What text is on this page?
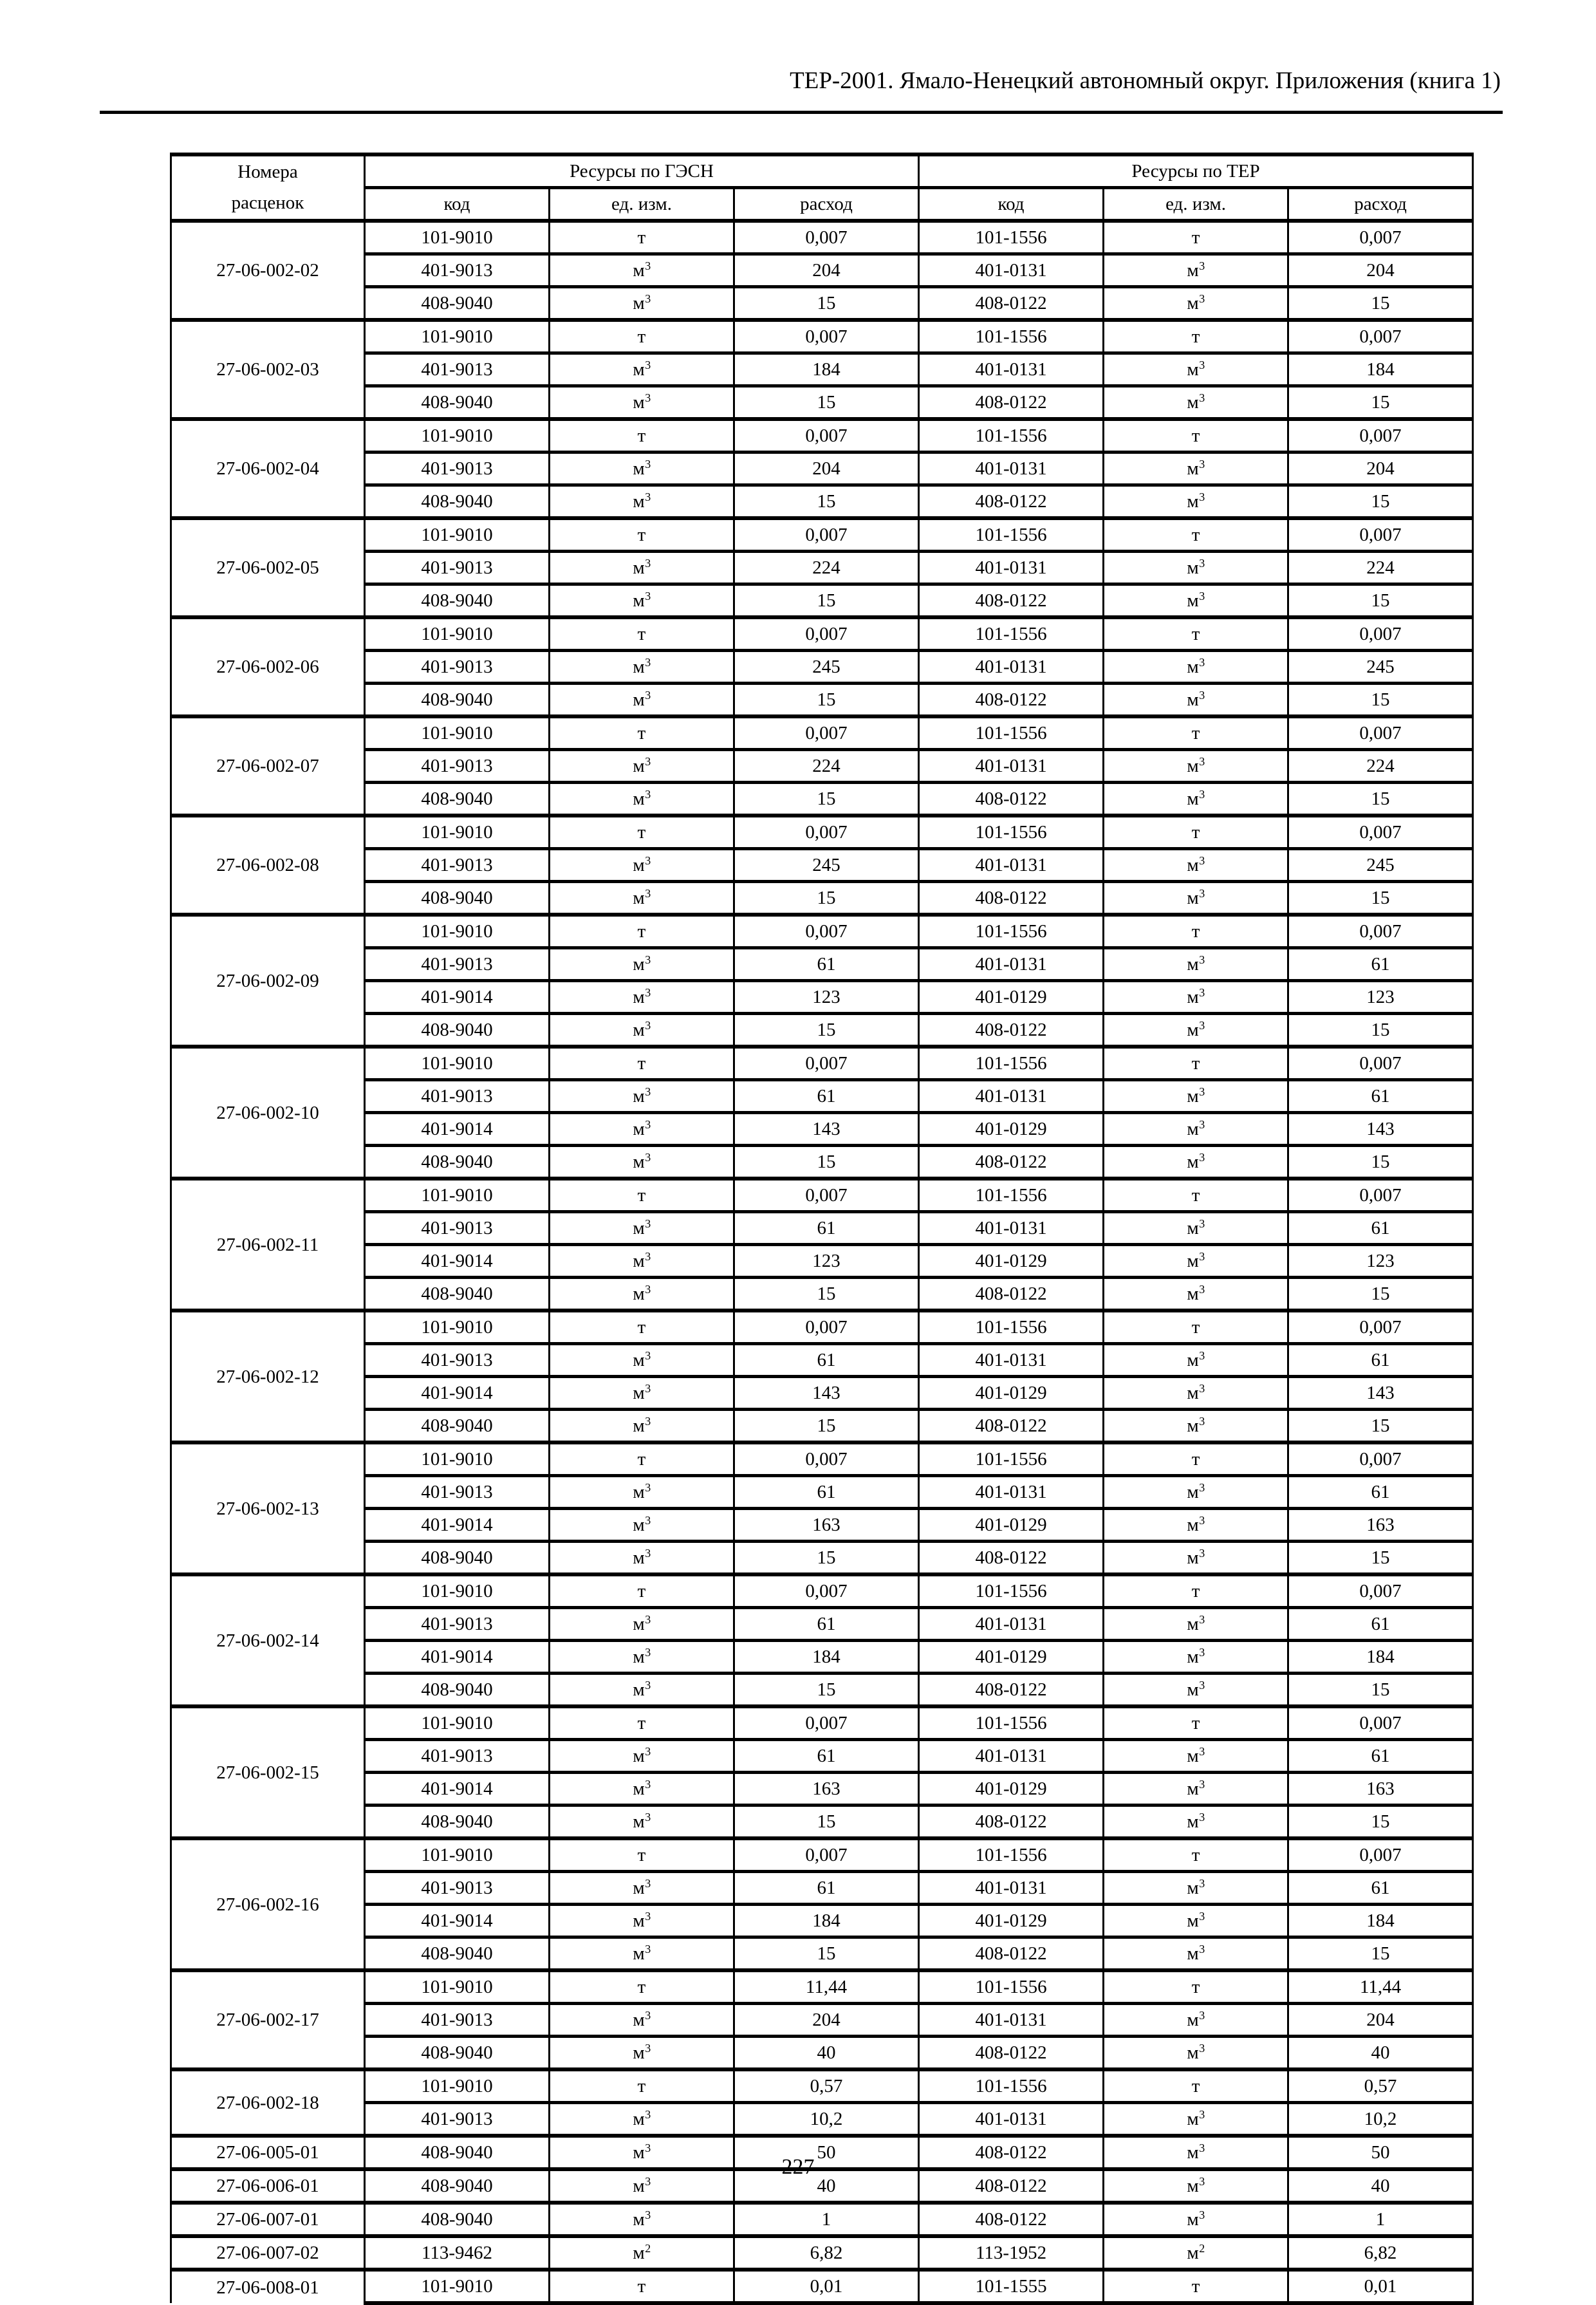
ТЕР-2001. Ямало-Ненецкий автономный округ. Приложения (книга 1)
Номера
расценок	Ресурсы по ГЭСН			Ресурсы по ТЕР		
	код	ед. изм.	расход	код	ед. изм.	расход
27-06-002-02	101-9010	т	0,007	101-1556	т	0,007
	401-9013	$м^3$	204	401-0131	$м^3$	204
	408-9040	$м^3$	15	408-0122	$м^3$	15
27-06-002-03	101-9010	т	0,007	101-1556	т	0,007
	401-9013	$м^3$	184	401-0131	$м^3$	184
	408-9040	$м^3$	15	408-0122	$м^3$	15
27-06-002-04	101-9010	т	0,007	101-1556	т	0,007
	401-9013	$м^3$	204	401-0131	$м^3$	204
	408-9040	$м^3$	15	408-0122	$м^3$	15
27-06-002-05	101-9010	т	0,007	101-1556	т	0,007
	401-9013	$м^3$	224	401-0131	$м^3$	224
	408-9040	$м^3$	15	408-0122	$м^3$	15
27-06-002-06	101-9010	т	0,007	101-1556	т	0,007
	401-9013	$м^3$	245	401-0131	$м^3$	245
	408-9040	$м^3$	15	408-0122	$м^3$	15
27-06-002-07	101-9010	т	0,007	101-1556	т	0,007
	401-9013	$м^3$	224	401-0131	$м^3$	224
	408-9040	$м^3$	15	408-0122	$м^3$	15
27-06-002-08	101-9010	т	0,007	101-1556	т	0,007
	401-9013	$м^3$	245	401-0131	$м^3$	245
	408-9040	$м^3$	15	408-0122	$м^3$	15
27-06-002-09	101-9010	т	0,007	101-1556	т	0,007
	401-9013	$м^3$	61	401-0131	$м^3$	61
	401-9014	$м^3$	123	401-0129	$м^3$	123
	408-9040	$м^3$	15	408-0122	$м^3$	15
27-06-002-10	101-9010	т	0,007	101-1556	т	0,007
	401-9013	$м^3$	61	401-0131	$м^3$	61
	401-9014	$м^3$	143	401-0129	$м^3$	143
	408-9040	$м^3$	15	408-0122	$м^3$	15
27-06-002-11	101-9010	т	0,007	101-1556	т	0,007
	401-9013	$м^3$	61	401-0131	$м^3$	61
	401-9014	$м^3$	123	401-0129	$м^3$	123
	408-9040	$м^3$	15	408-0122	$м^3$	15
27-06-002-12	101-9010	т	0,007	101-1556	т	0,007
	401-9013	$м^3$	61	401-0131	$м^3$	61
	401-9014	$м^3$	143	401-0129	$м^3$	143
	408-9040	$м^3$	15	408-0122	$м^3$	15
27-06-002-13	101-9010	т	0,007	101-1556	т	0,007
	401-9013	$м^3$	61	401-0131	$м^3$	61
	401-9014	$м^3$	163	401-0129	$м^3$	163
	408-9040	$м^3$	15	408-0122	$м^3$	15
27-06-002-14	101-9010	т	0,007	101-1556	т	0,007
	401-9013	$м^3$	61	401-0131	$м^3$	61
	401-9014	$м^3$	184	401-0129	$м^3$	184
	408-9040	$м^3$	15	408-0122	$м^3$	15
27-06-002-15	101-9010	т	0,007	101-1556	т	0,007
	401-9013	$м^3$	61	401-0131	$м^3$	61
	401-9014	$м^3$	163	401-0129	$м^3$	163
	408-9040	$м^3$	15	408-0122	$м^3$	15
27-06-002-16	101-9010	т	0,007	101-1556	т	0,007
	401-9013	$м^3$	61	401-0131	$м^3$	61
	401-9014	$м^3$	184	401-0129	$м^3$	184
	408-9040	$м^3$	15	408-0122	$м^3$	15
27-06-002-17	101-9010	т	11,44	101-1556	т	11,44
	401-9013	$м^3$	204	401-0131	$м^3$	204
	408-9040	$м^3$	40	408-0122	$м^3$	40
27-06-002-18	101-9010	т	0,57	101-1556	т	0,57
	401-9013	$м^3$	10,2	401-0131	$м^3$	10,2
27-06-005-01	408-9040	$м^3$	50	408-0122	$м^3$	50
27-06-006-01	408-9040	$м^3$	40	408-0122	$м^3$	40
27-06-007-01	408-9040	$м^3$	1	408-0122	$м^3$	1
27-06-007-02	113-9462	$м^2$	6,82	113-1952	$м^2$	6,82
27-06-008-01	101-9010	т	0,01	101-1555	т	0,01
227
